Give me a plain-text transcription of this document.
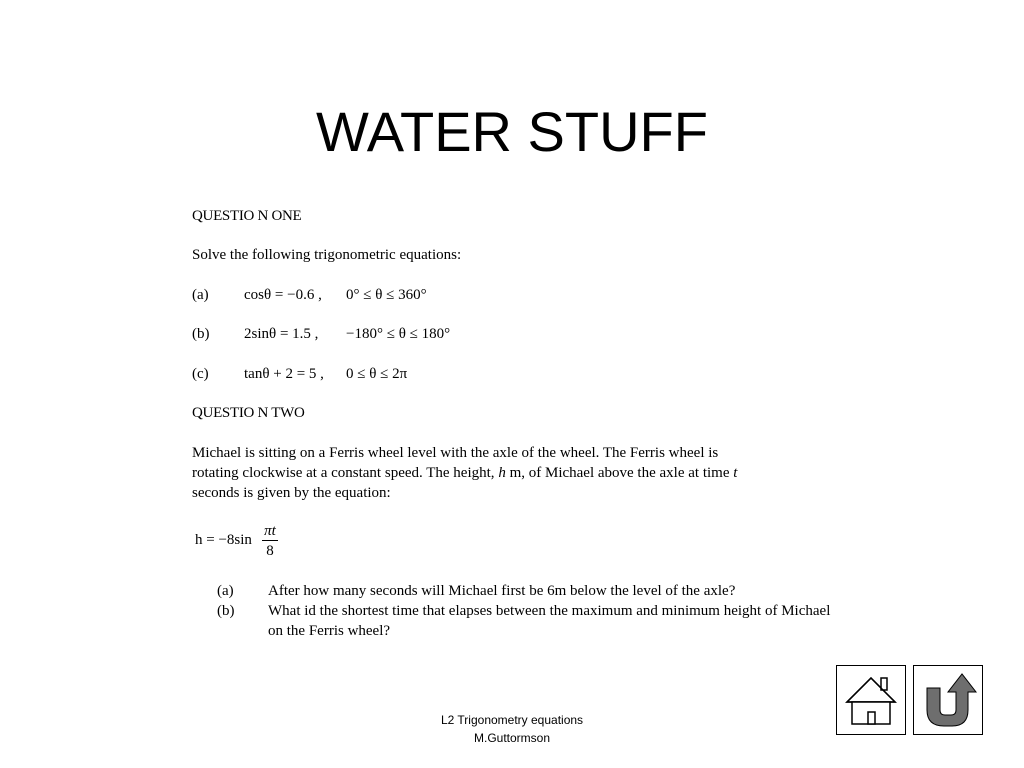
WATER STUFF

QUESTIO N ONE

Solve the following trigonometric equations:

(a) cosθ = −0.6 , 0° ≤ θ ≤ 360°
(b) 2sinθ = 1.5 , −180° ≤ θ ≤ 180°
(c) tanθ + 2 = 5 , 0 ≤ θ ≤ 2π

QUESTIO N TWO

Michael is sitting on a Ferris wheel level with the axle of the wheel. The Ferris wheel is
rotating clockwise at a constant speed. The height, h m, of Michael above the axle at time t
seconds is given by the equation:

h = −8sin
πt
8
(a) After how many seconds will Michael first be 6m below the level of the axle?
(b) What id the shortest time that elapses between the maximum and minimum height of Michael on the Ferris wheel?
L2 Trigonometry equations
M.Guttormson
